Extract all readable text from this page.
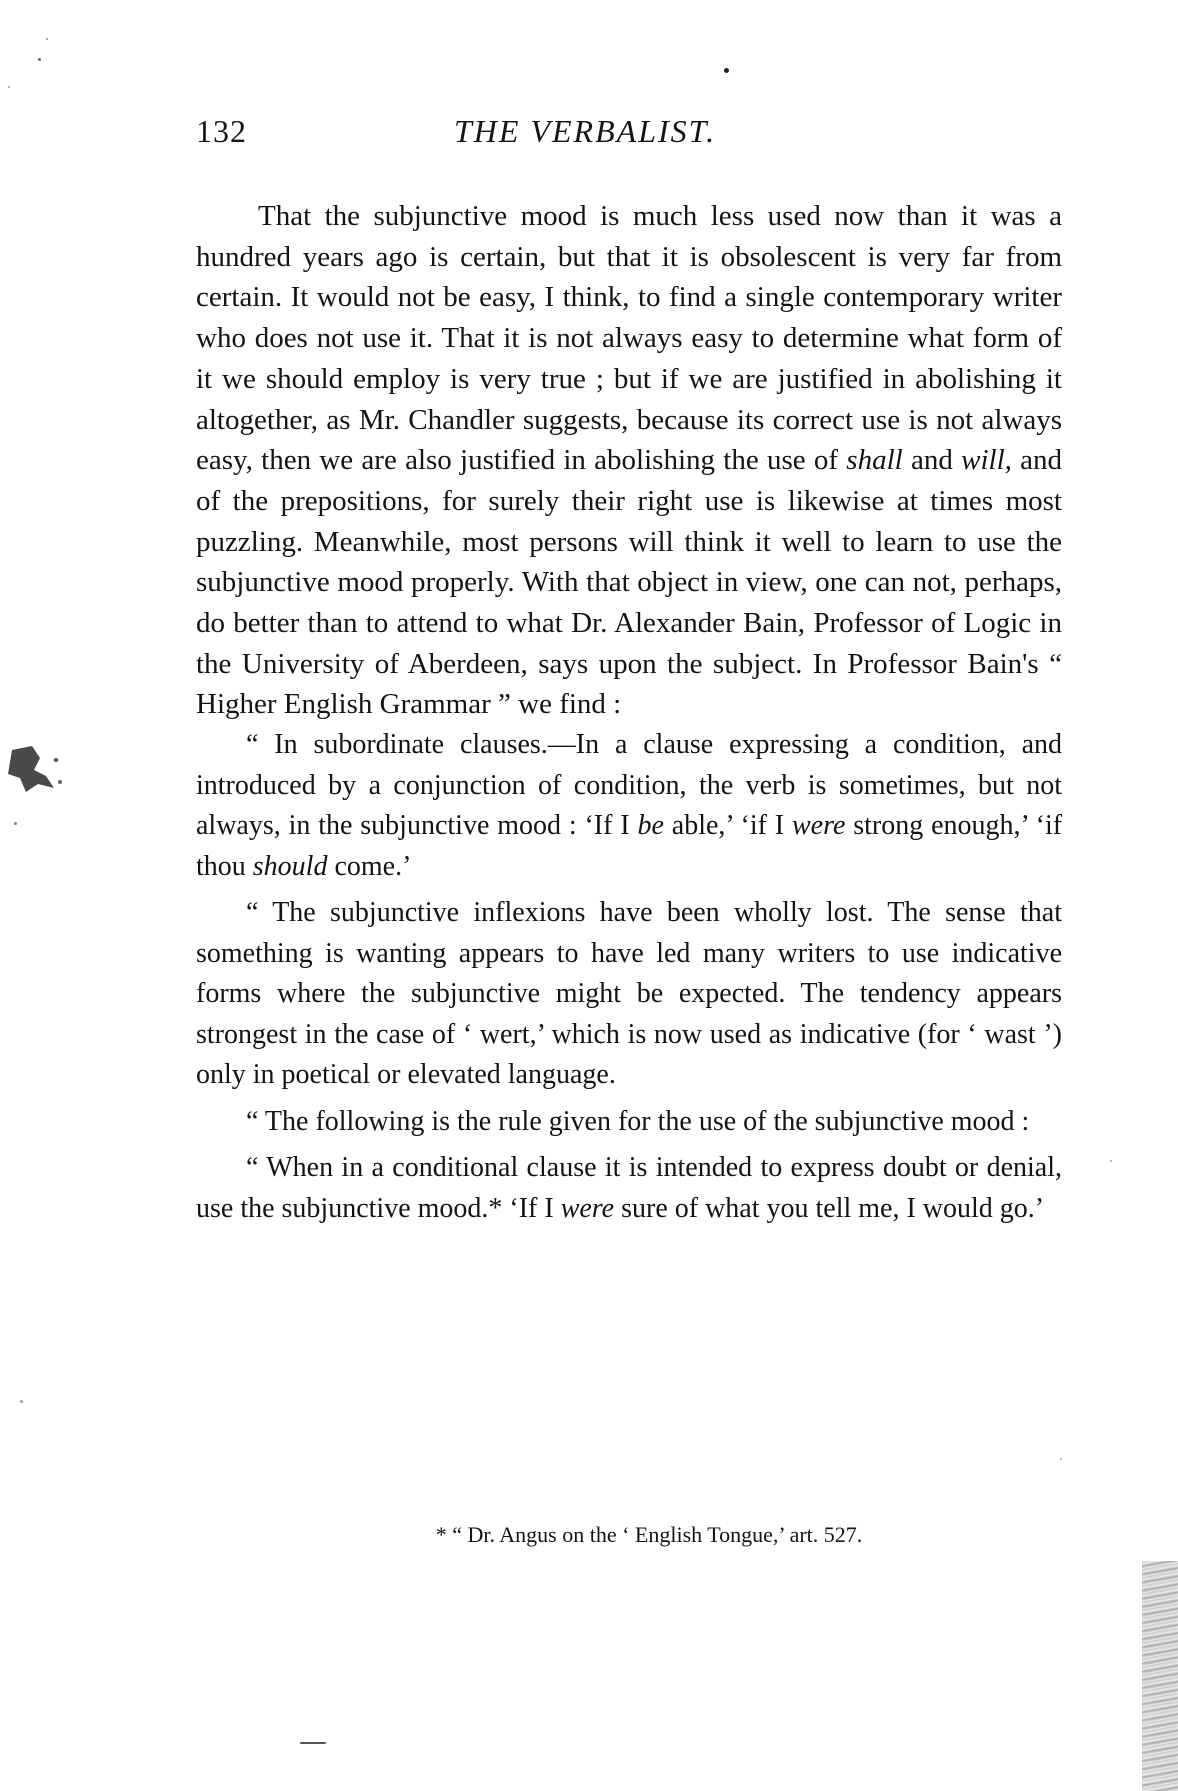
132	THE VERBALIST.

That the subjunctive mood is much less used now than it was a hundred years ago is certain, but that it is obsolescent is very far from certain. It would not be easy, I think, to find a single contemporary writer who does not use it. That it is not always easy to determine what form of it we should employ is very true ; but if we are justified in abolishing it altogether, as Mr. Chandler suggests, because its correct use is not always easy, then we are also justified in abolishing the use of shall and will, and of the prepositions, for surely their right use is likewise at times most puzzling. Meanwhile, most persons will think it well to learn to use the subjunctive mood properly. With that object in view, one can not, perhaps, do better than to attend to what Dr. Alexander Bain, Professor of Logic in the University of Aberdeen, says upon the subject. In Professor Bain's “ Higher English Grammar ” we find :

“ In subordinate clauses.—In a clause expressing a condition, and introduced by a conjunction of condition, the verb is sometimes, but not always, in the subjunctive mood : ‘If I be able,’ ‘if I were strong enough,’ ‘if thou should come.’

“ The subjunctive inflexions have been wholly lost. The sense that something is wanting appears to have led many writers to use indicative forms where the subjunctive might be expected. The tendency appears strongest in the case of ‘ wert,’ which is now used as indicative (for ‘ wast ’) only in poetical or elevated language.

“ The following is the rule given for the use of the subjunctive mood :

“ When in a conditional clause it is intended to express doubt or denial, use the subjunctive mood.* ‘If I were sure of what you tell me, I would go.’

* “ Dr. Angus on the ‘ English Tongue,’ art. 527.
